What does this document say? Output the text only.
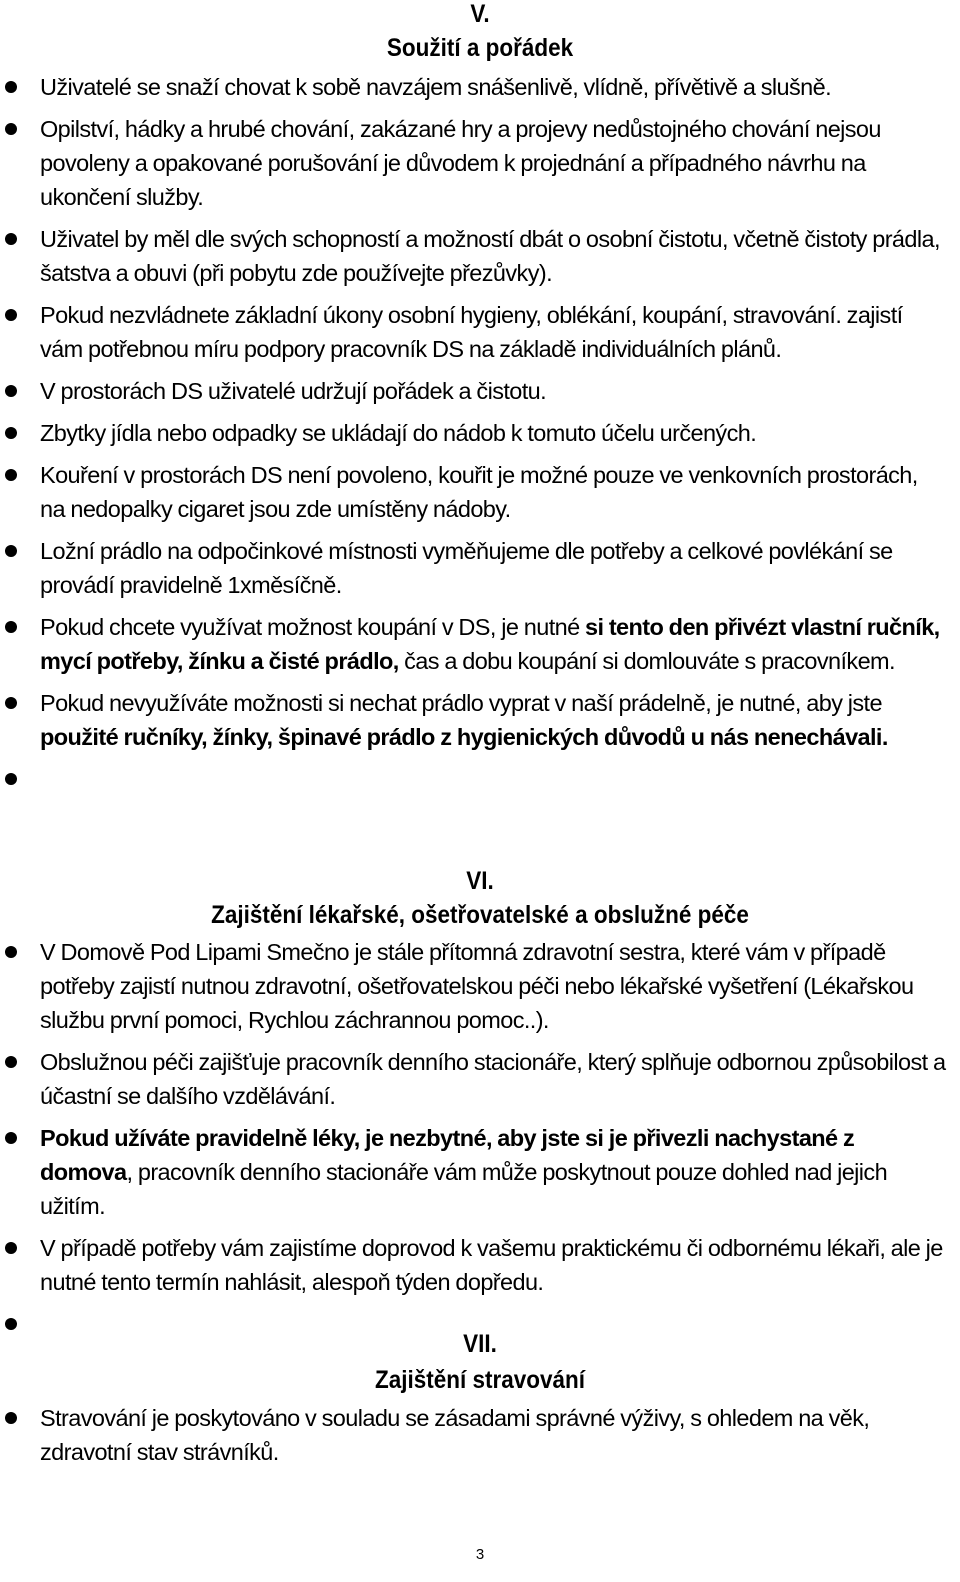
V.
Soužití a pořádek
Uživatelé se snaží chovat k sobě navzájem snášenlivě, vlídně, přívětivě a slušně.
Opilství, hádky a hrubé chování, zakázané hry a projevy nedůstojného chování nejsou povoleny a opakované porušování je důvodem k projednání a případného návrhu na ukončení služby.
Uživatel by měl dle svých schopností a možností dbát o osobní čistotu, včetně čistoty prádla, šatstva a obuvi (při pobytu zde používejte přezůvky).
Pokud nezvládnete základní úkony osobní hygieny, oblékání, koupání, stravování. zajistí vám potřebnou míru podpory pracovník DS na základě individuálních plánů.
V prostorách DS uživatelé udržují pořádek a čistotu.
Zbytky jídla nebo odpadky se ukládají do nádob k tomuto účelu určených.
Kouření v prostorách DS není povoleno, kouřit je možné pouze ve venkovních prostorách, na nedopalky cigaret jsou zde umístěny nádoby.
Ložní prádlo na odpočinkové místnosti vyměňujeme dle potřeby a celkové povlékání se provádí pravidelně 1xměsíčně.
Pokud chcete využívat možnost koupání v DS, je nutné si tento den přivézt vlastní ručník, mycí potřeby, žínku a čisté prádlo, čas a dobu koupání si domlouváte s pracovníkem.
Pokud nevyužíváte možnosti si nechat prádlo vyprat v naší prádelně, je nutné, aby jste použité ručníky, žínky, špinavé prádlo z hygienických důvodů u nás nenechávali.
VI.
Zajištění lékařské, ošetřovatelské a obslužné péče
V Domově Pod Lipami Smečno je stále přítomná zdravotní sestra, které vám v případě potřeby zajistí nutnou zdravotní, ošetřovatelskou péči nebo lékařské vyšetření (Lékařskou službu první pomoci, Rychlou záchrannou pomoc..).
Obslužnou péči zajišťuje pracovník denního stacionáře, který splňuje odbornou způsobilost a účastní se dalšího vzdělávání.
Pokud užíváte pravidelně léky, je nezbytné, aby jste si je přivezli nachystané z domova, pracovník denního stacionáře vám může poskytnout pouze dohled nad jejich užitím.
V případě potřeby vám zajistíme doprovod k vašemu praktickému či odbornému lékaři, ale je nutné tento termín nahlásit, alespoň týden dopředu.
VII.
Zajištění stravování
Stravování je poskytováno v souladu se zásadami správné výživy, s ohledem na věk, zdravotní stav strávníků.
3
